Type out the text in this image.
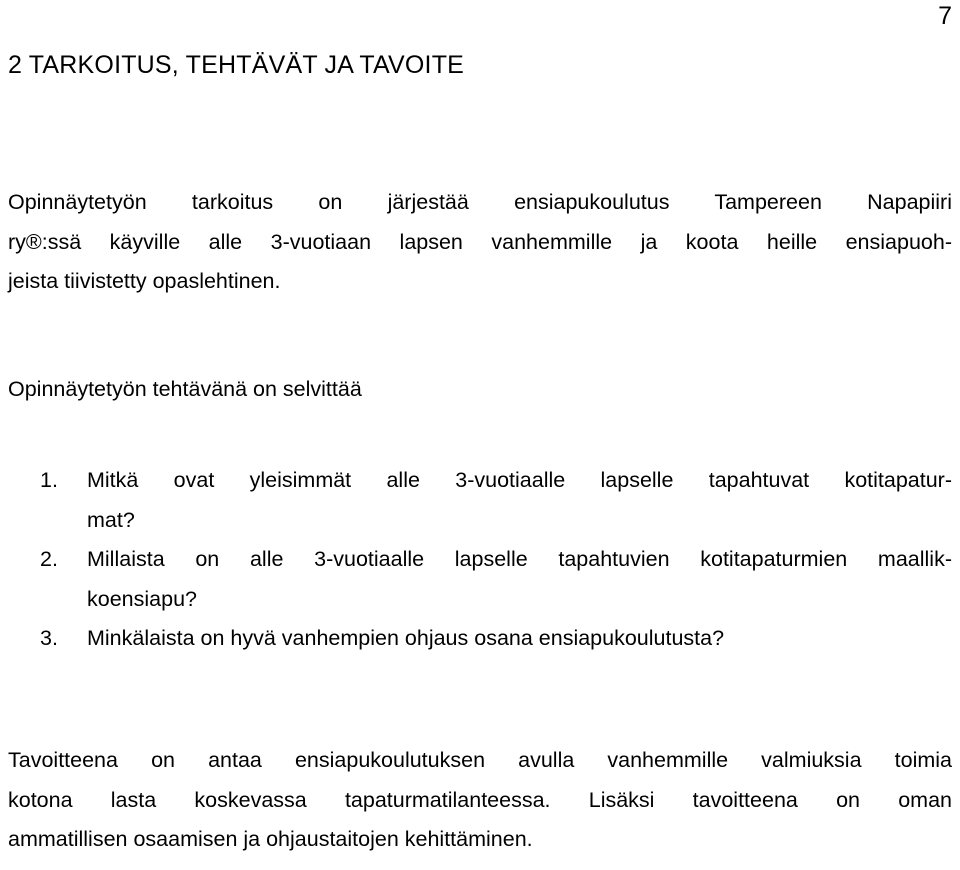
7
2 TARKOITUS, TEHTÄVÄT JA TAVOITE
Opinnäytetyön tarkoitus on järjestää ensiapukoulutus Tampereen Napapiiri
ry®:ssä käyville alle 3-vuotiaan lapsen vanhemmille ja koota heille ensiapuoh-
jeista tiivistetty opaslehtinen.
Opinnäytetyön tehtävänä on selvittää
1. Mitkä ovat yleisimmät alle 3-vuotiaalle lapselle tapahtuvat kotitapatur-
mat?
2. Millaista on alle 3-vuotiaalle lapselle tapahtuvien kotitapaturmien maallik-
koensiapu?
3. Minkälaista on hyvä vanhempien ohjaus osana ensiapukoulutusta?
Tavoitteena on antaa ensiapukoulutuksen avulla vanhemmille valmiuksia toimia
kotona lasta koskevassa tapaturmatilanteessa. Lisäksi tavoitteena on oman
ammatillisen osaamisen ja ohjaustaitojen kehittäminen.
